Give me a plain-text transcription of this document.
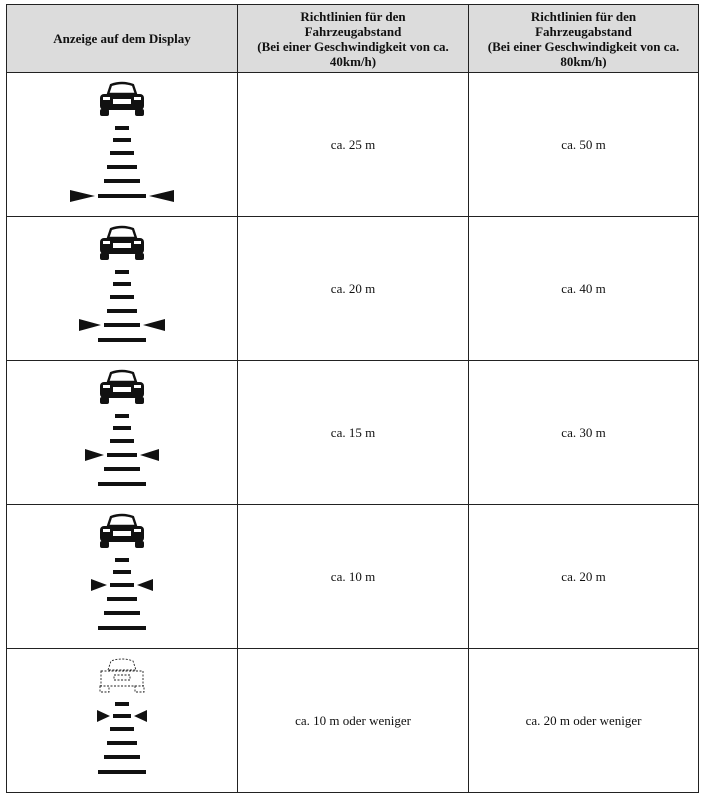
Anzeige auf dem Display	Richtlinien für den
Fahrzeugabstand
(Bei einer Geschwindigkeit von ca.
40km/h)	Richtlinien für den
Fahrzeugabstand
(Bei einer Geschwindigkeit von ca.
80km/h)

	ca. 25 m	ca. 50 m

	ca. 20 m	ca. 40 m

	ca. 15 m	ca. 30 m

	ca. 10 m	ca. 20 m

	ca. 10 m oder weniger	ca. 20 m oder weniger
